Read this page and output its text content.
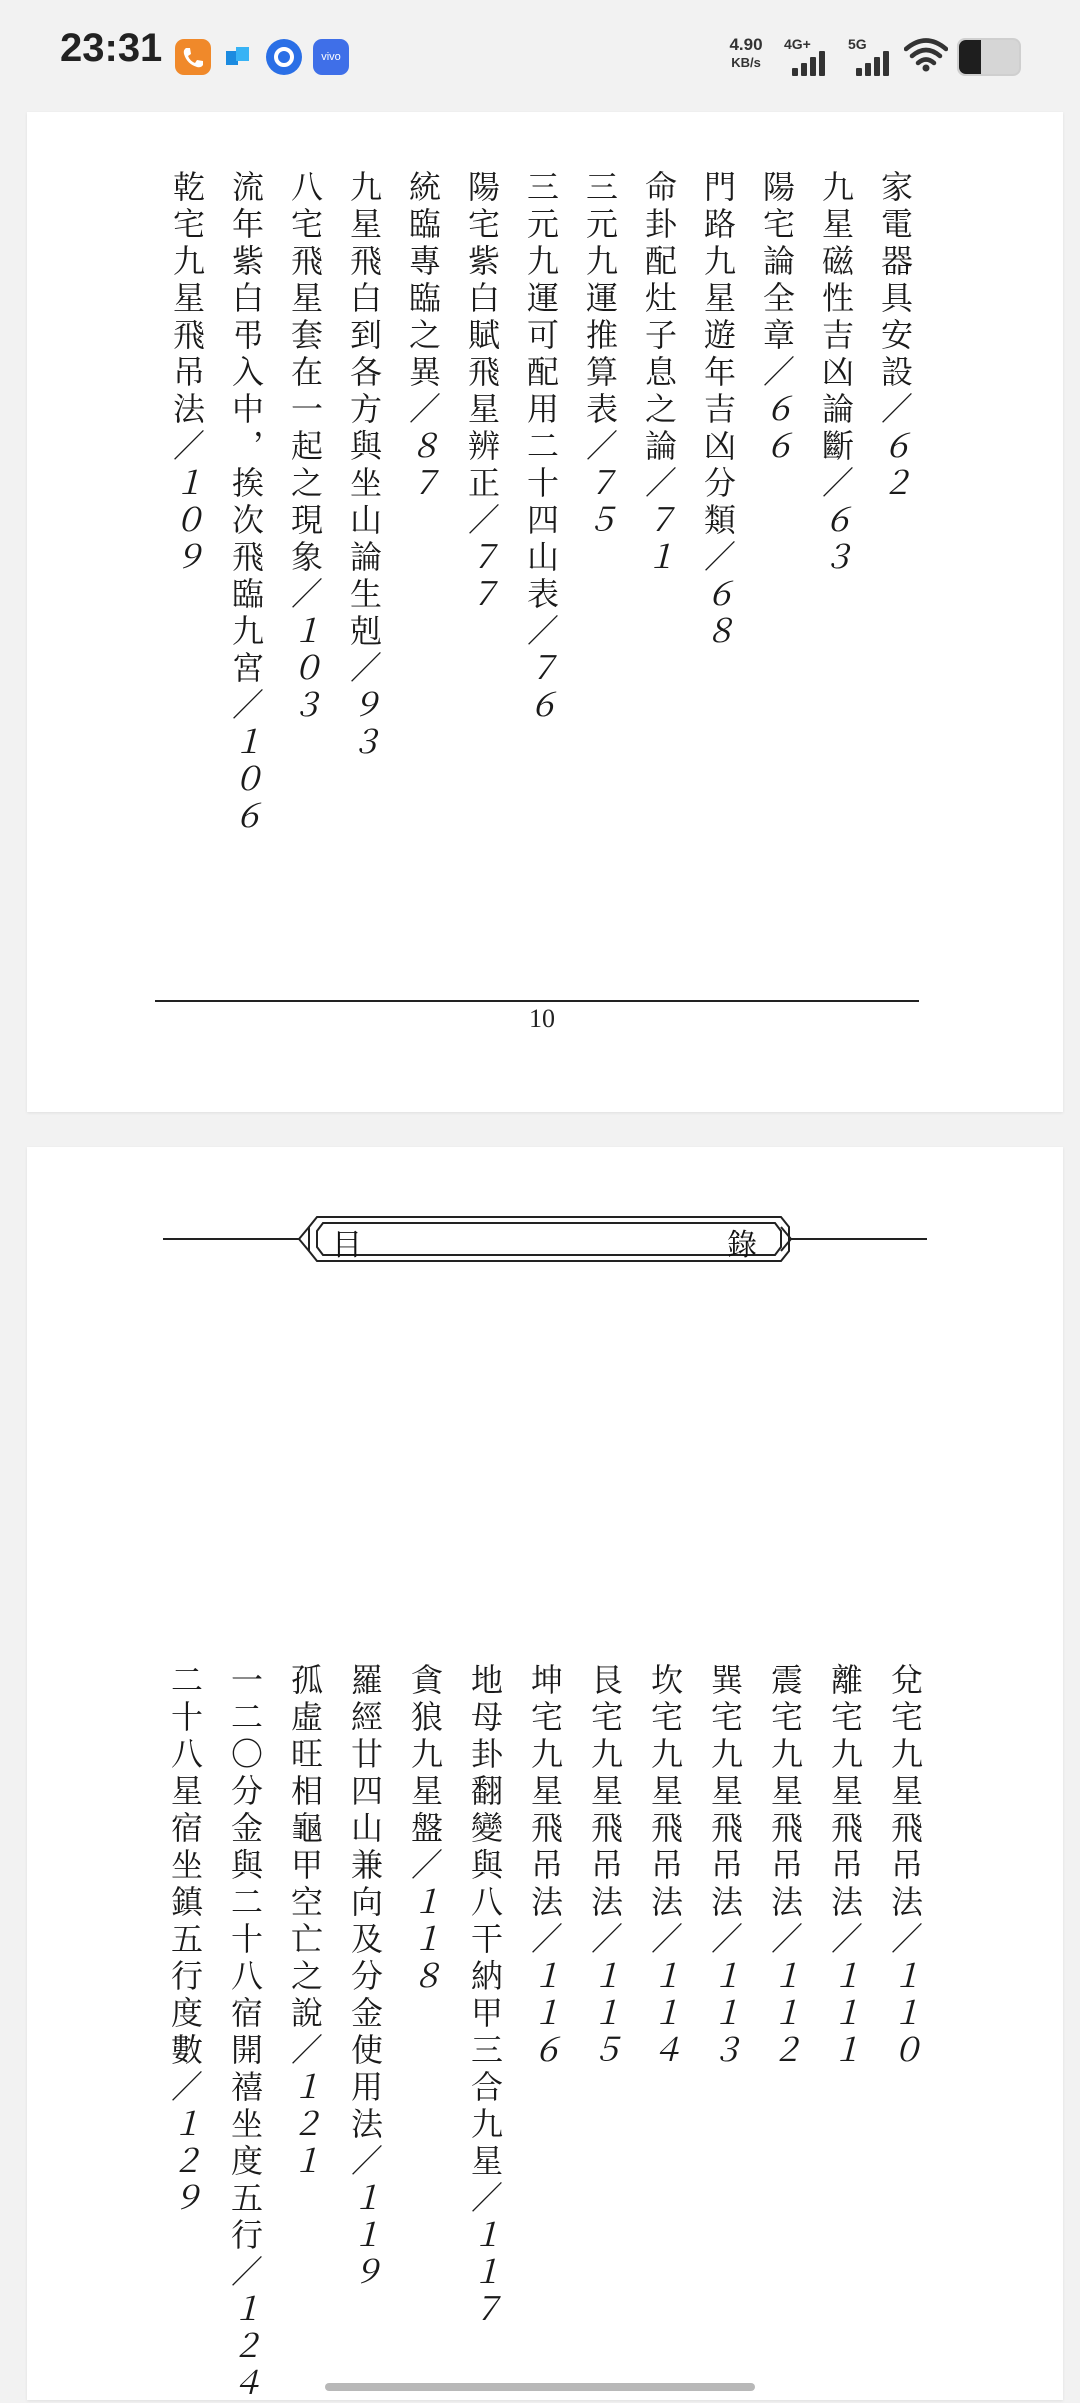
23:31	vivo
4.90
KB/s
4G+	5G
家電器具安設／６２
九星磁性吉凶論斷／６３
陽宅論全章／６６
門路九星遊年吉凶分類／６８
命卦配灶子息之論／７１
三元九運推算表／７５
三元九運可配用二十四山表／７６
陽宅紫白賦飛星辨正／７７
統臨專臨之異／８７
九星飛白到各方與坐山論生剋／９３
八宅飛星套在一起之現象／１０３
流年紫白弔入中，挨次飛臨九宮／１０６
乾宅九星飛吊法／１０９
10
目	錄
兌宅九星飛吊法／１１０
離宅九星飛吊法／１１１
震宅九星飛吊法／１１２
巽宅九星飛吊法／１１３
坎宅九星飛吊法／１１４
艮宅九星飛吊法／１１５
坤宅九星飛吊法／１１６
地母卦翻變與八干納甲三合九星／１１７
貪狼九星盤／１１８
羅經廿四山兼向及分金使用法／１１９
孤虛旺相龜甲空亡之說／１２１
一二〇分金與二十八宿開禧坐度五行／１２４
二十八星宿坐鎮五行度數／１２９
